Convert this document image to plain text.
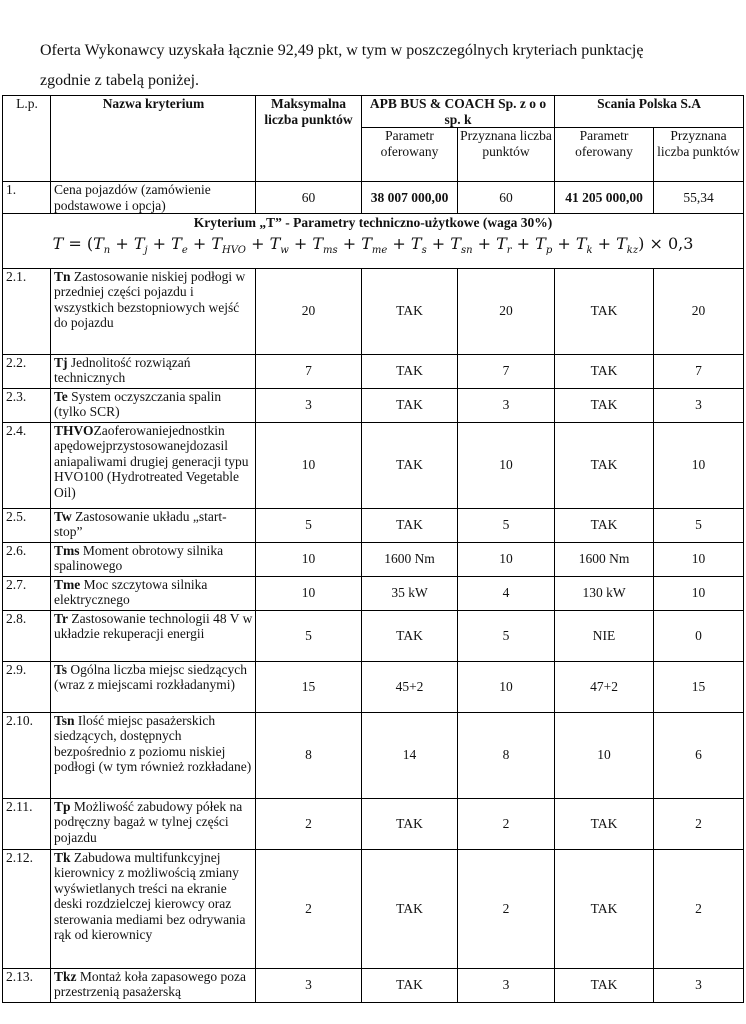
Oferta Wykonawcy uzyskała łącznie 92,49 pkt, w tym w poszczególnych kryteriach punktację
zgodnie z tabelą poniżej.
L.p.	Nazwa kryterium	Maksymalna liczba punktów	APB BUS & COACH Sp. z o o sp. k		Scania Polska S.A	
			Parametr oferowany	Przyznana liczba punktów	Parametr oferowany	Przyznana liczba punktów
1.	Cena pojazdów (zamówienie podstawowe i opcja)	60	38 007 000,00	60	41 205 000,00	55,34

Kryterium „T” - Parametry techniczno-użytkowe (waga 30%)
$T = (T_n + T_j + T_e + T_{HVO} + T_w + T_{ms} + T_{me} + T_s + T_{sn} + T_r + T_p + T_k + T_{kz}) \times 0,3$						

2.1.	Tn Zastosowanie niskiej podłogi w przedniej części pojazdu i wszystkich bezstopniowych wejść do pojazdu	20	TAK	20	TAK	20
2.2.	Tj Jednolitość rozwiązań technicznych	7	TAK	7	TAK	7
2.3.	Te System oczyszczania spalin (tylko SCR)	3	TAK	3	TAK	3
2.4.	THVOZaoferowaniejednostkin apędowejprzystosowanejdozasil aniapaliwami drugiej generacji typu HVO100 (Hydrotreated Vegetable Oil)	10	TAK	10	TAK	10
2.5.	Tw Zastosowanie układu „start-stop”	5	TAK	5	TAK	5
2.6.	Tms Moment obrotowy silnika spalinowego	10	1600 Nm	10	1600 Nm	10
2.7.	Tme Moc szczytowa silnika elektrycznego	10	35 kW	4	130 kW	10
2.8.	Tr Zastosowanie technologii 48 V w układzie rekuperacji energii	5	TAK	5	NIE	0
2.9.	Ts Ogólna liczba miejsc siedzących (wraz z miejscami rozkładanymi)	15	45+2	10	47+2	15
2.10.	Tsn Ilość miejsc pasażerskich siedzących, dostępnych bezpośrednio z poziomu niskiej podłogi (w tym również rozkładane)	8	14	8	10	6
2.11.	Tp Możliwość zabudowy półek na podręczny bagaż w tylnej części pojazdu	2	TAK	2	TAK	2
2.12.	Tk Zabudowa multifunkcyjnej kierownicy z możliwością zmiany wyświetlanych treści na ekranie deski rozdzielczej kierowcy oraz sterowania mediami bez odrywania rąk od kierownicy	2	TAK	2	TAK	2
2.13.	Tkz Montaż koła zapasowego poza przestrzenią pasażerską	3	TAK	3	TAK	3
